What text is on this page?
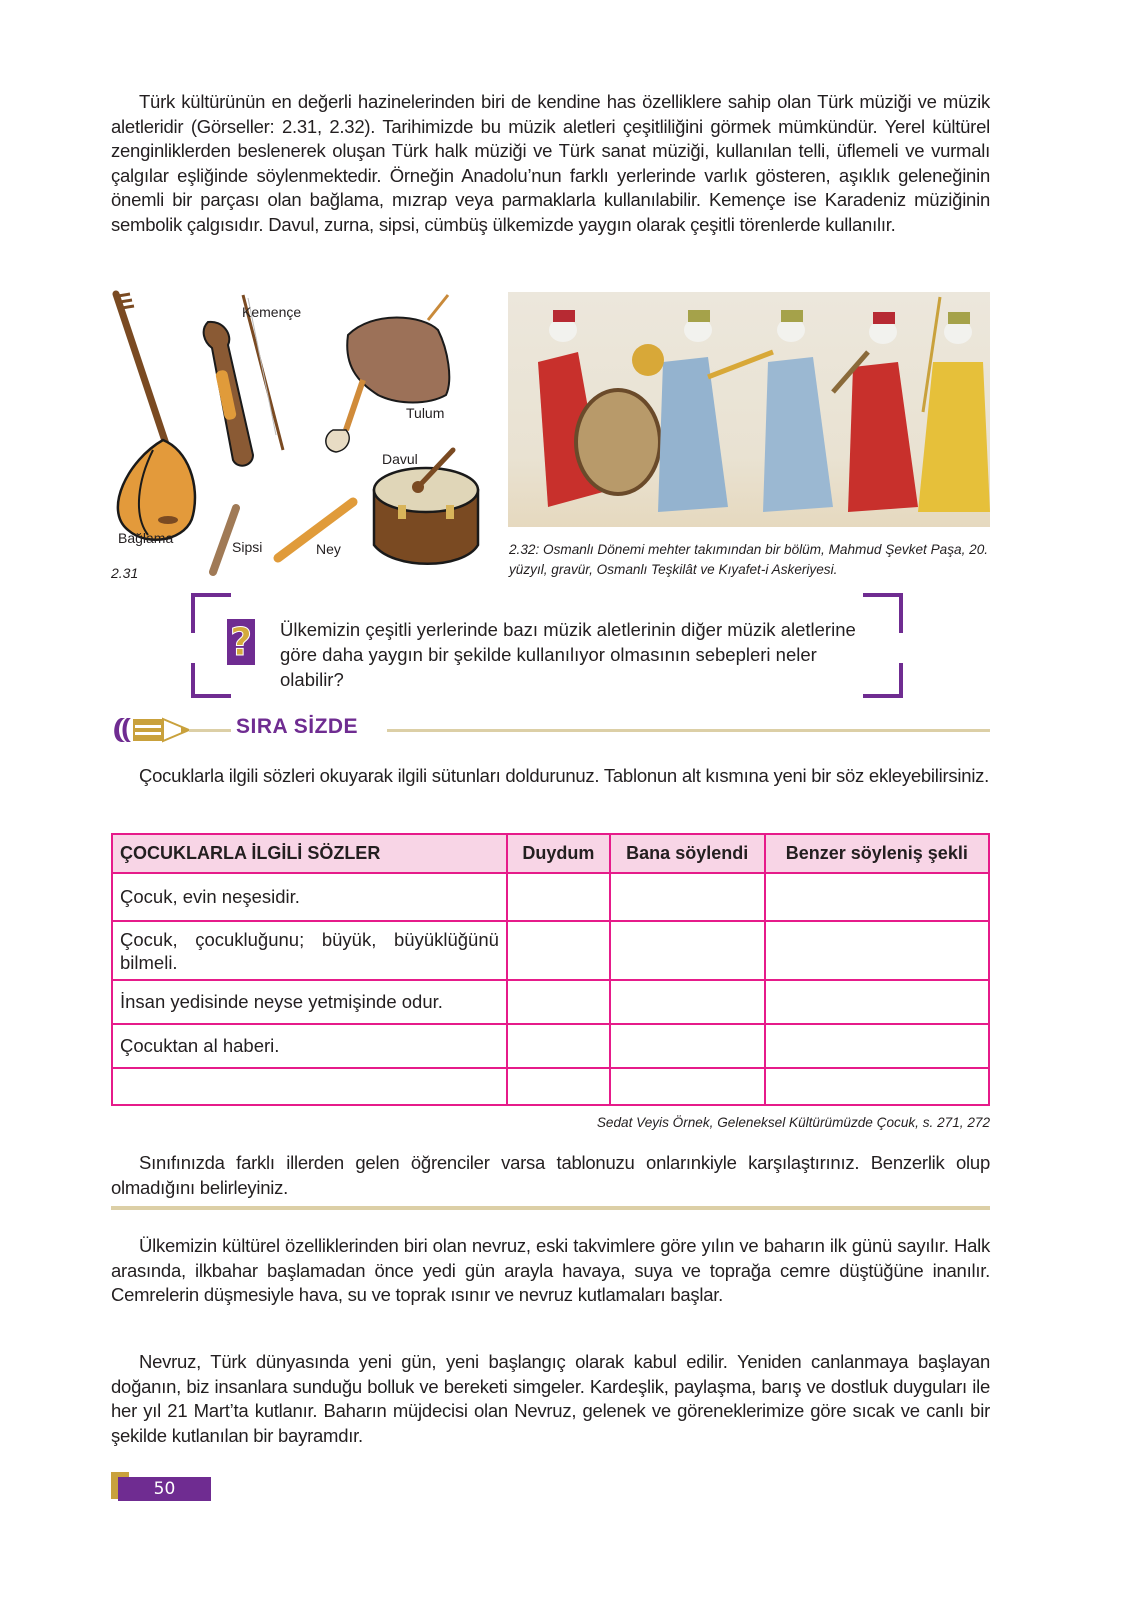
Türk kültürünün en değerli hazinelerinden biri de kendine has özelliklere sahip olan Türk müziği ve müzik aletleridir (Görseller: 2.31, 2.32). Tarihimizde bu müzik aletleri çeşitliliğini görmek mümkündür. Yerel kültürel zenginliklerden beslenerek oluşan Türk halk müziği ve Türk sanat müziği, kullanılan telli, üflemeli ve vurmalı çalgılar eşliğinde söylenmektedir. Örneğin Anadolu’nun farklı yerlerinde varlık gösteren, aşıklık geleneğinin önemli bir parçası olan bağlama, mızrap veya parmaklarla kullanılabilir. Kemençe ise Karadeniz müziğinin sembolik çalgısıdır. Davul, zurna, sipsi, cümbüş ülkemizde yaygın olarak çeşitli törenlerde kullanılır.

Kemençe
Tulum
Davul
Bağlama
Sipsi	Ney
2.31
2.32: Osmanlı Dönemi mehter takımından bir bölüm, Mahmud Şevket Paşa, 20. yüzyıl, gravür, Osmanlı Teşkilât ve Kıyafet-i Askeriyesi.
? Ülkemizin çeşitli yerlerinde bazı müzik aletlerinin diğer müzik aletlerine göre daha yaygın bir şekilde kullanılıyor olmasının sebepleri neler olabilir?
SIRA SİZDE

Çocuklarla ilgili sözleri okuyarak ilgili sütunları doldurunuz. Tablonun alt kısmına yeni bir söz ekleyebilirsiniz.

ÇOCUKLARLA İLGİLİ SÖZLER	Duydum	Bana söylendi	Benzer söyleniş şekli
Çocuk, evin neşesidir.			
Çocuk, çocukluğunu; büyük, büyüklüğünü bilmeli.			
İnsan yedisinde neyse yetmişinde odur.			
Çocuktan al haberi.			

Sedat Veyis Örnek, Geleneksel Kültürümüzde Çocuk, s. 271, 272

Sınıfınızda farklı illerden gelen öğrenciler varsa tablonuzu onlarınkiyle karşılaştırınız. Benzerlik olup olmadığını belirleyiniz.

Ülkemizin kültürel özelliklerinden biri olan nevruz, eski takvimlere göre yılın ve baharın ilk günü sayılır. Halk arasında, ilkbahar başlamadan önce yedi gün arayla havaya, suya ve toprağa cemre düştüğüne inanılır. Cemrelerin düşmesiyle hava, su ve toprak ısınır ve nevruz kutlamaları başlar.

Nevruz, Türk dünyasında yeni gün, yeni başlangıç olarak kabul edilir. Yeniden canlanmaya başlayan doğanın, biz insanlara sunduğu bolluk ve bereketi simgeler. Kardeşlik, paylaşma, barış ve dostluk duyguları ile her yıl 21 Mart’ta kutlanır. Baharın müjdecisi olan Nevruz, gelenek ve göreneklerimize göre sıcak ve canlı bir şekilde kutlanılan bir bayramdır.

50
